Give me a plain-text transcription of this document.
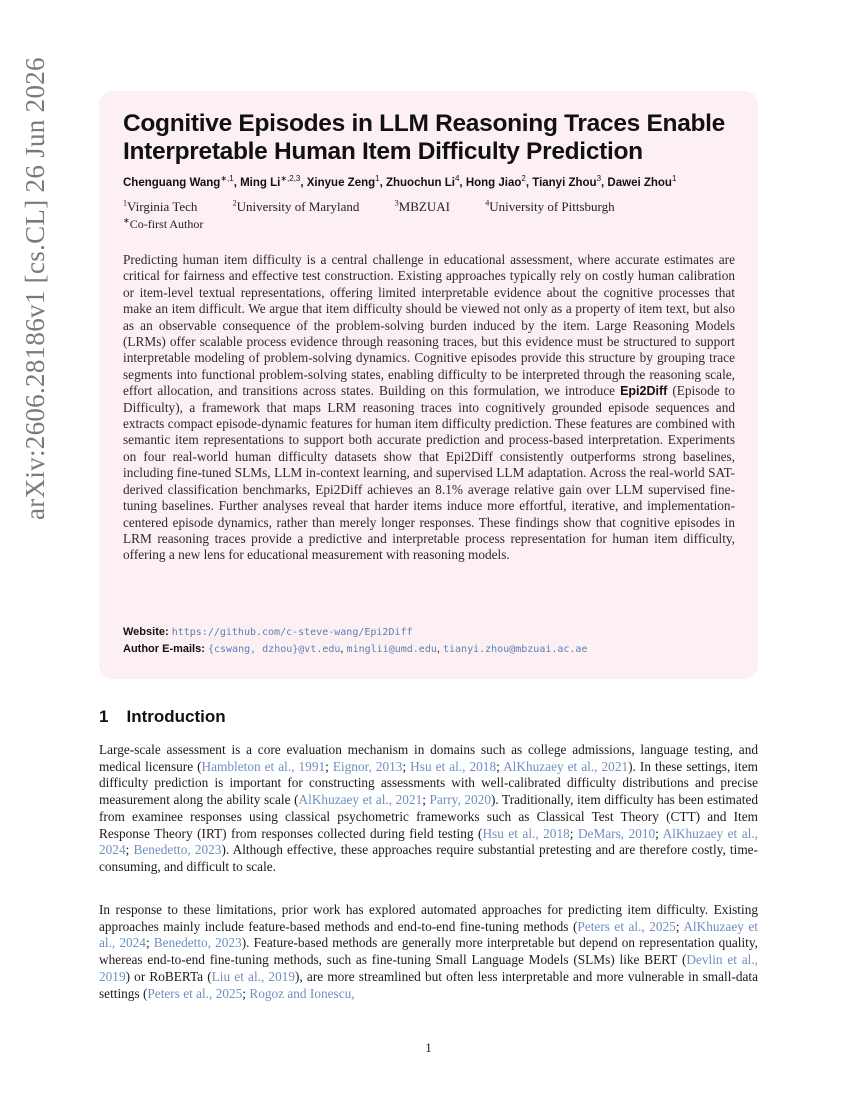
arXiv:2606.28186v1 [cs.CL] 26 Jun 2026	Cognitive Episodes in LLM Reasoning Traces Enable Interpretable Human Item Difficulty Prediction
Chenguang Wang$^{∗,1}$, Ming $Li^{∗,2,3}$, Xinyue Zeng$^1$, Zhuochun Li$^4$, Hong Jiao$^2$, Tianyi Zhou$^3$, Dawei Zhou$^1$
$^1$Virginia Tech	$^2$University of Maryland	$^3$MBZUAI	$^4$University of Pittsburgh
∗Co-first Author
Predicting human item difficulty is a central challenge in educational assessment, where accurate estimates are critical for fairness and effective test construction. Existing approaches typically rely on costly human calibration or item-level textual representations, offering limited interpretable evidence about the cognitive processes that make an item difficult. We argue that item difficulty should be viewed not only as a property of item text, but also as an observable consequence of the problem-solving burden induced by the item. Large Reasoning Models (LRMs) offer scalable process evidence through reasoning traces, but this evidence must be structured to support interpretable modeling of problem-solving dynamics. Cognitive episodes provide this structure by grouping trace segments into functional problem-solving states, enabling difficulty to be interpreted through the reasoning scale, effort allocation, and transitions across states. Building on this formulation, we introduce Epi2Diff (Episode to Difficulty), a framework that maps LRM reasoning traces into cognitively grounded episode sequences and extracts compact episode-dynamic features for human item difficulty prediction. These features are combined with semantic item representations to support both accurate prediction and process-based interpretation. Experiments on four real-world human difficulty datasets show that Epi2Diff consistently outperforms strong baselines, including fine-tuned SLMs, LLM in-context learning, and supervised LLM adaptation. Across the real-world SAT-derived classification benchmarks, Epi2Diff achieves an 8.1% average relative gain over LLM supervised fine-tuning baselines. Further analyses reveal that harder items induce more effortful, iterative, and implementation-centered episode dynamics, rather than merely longer responses. These findings show that cognitive episodes in LRM reasoning traces provide a predictive and interpretable process representation for human item difficulty, offering a new lens for educational measurement with reasoning models.
Website: https://github.com/c-steve-wang/Epi2Diff
Author E-mails: {cswang, dzhou}@vt.edu, minglii@umd.edu, tianyi.zhou@mbzuai.ac.ae
1 Introduction
Large-scale assessment is a core evaluation mechanism in domains such as college admissions, language testing, and medical licensure (Hambleton et al., 1991; Eignor, 2013; Hsu et al., 2018; AlKhuzaey et al., 2021). In these settings, item difficulty prediction is important for constructing assessments with well-calibrated difficulty distributions and precise measurement along the ability scale (AlKhuzaey et al., 2021; Parry, 2020). Traditionally, item difficulty has been estimated from examinee responses using classical psychometric frameworks such as Classical Test Theory (CTT) and Item Response Theory (IRT) from responses collected during field testing (Hsu et al., 2018; DeMars, 2010; AlKhuzaey et al., 2024; Benedetto, 2023). Although effective, these approaches require substantial pretesting and are therefore costly, time-consuming, and difficult to scale.
In response to these limitations, prior work has explored automated approaches for predicting item difficulty. Existing approaches mainly include feature-based methods and end-to-end fine-tuning methods (Peters et al., 2025; AlKhuzaey et al., 2024; Benedetto, 2023). Feature-based methods are generally more interpretable but depend on representation quality, whereas end-to-end fine-tuning methods, such as fine-tuning Small Language Models (SLMs) like BERT (Devlin et al., 2019) or RoBERTa (Liu et al., 2019), are more streamlined but often less interpretable and more vulnerable in small-data settings (Peters et al., 2025; Rogoz and Ionescu,
1
